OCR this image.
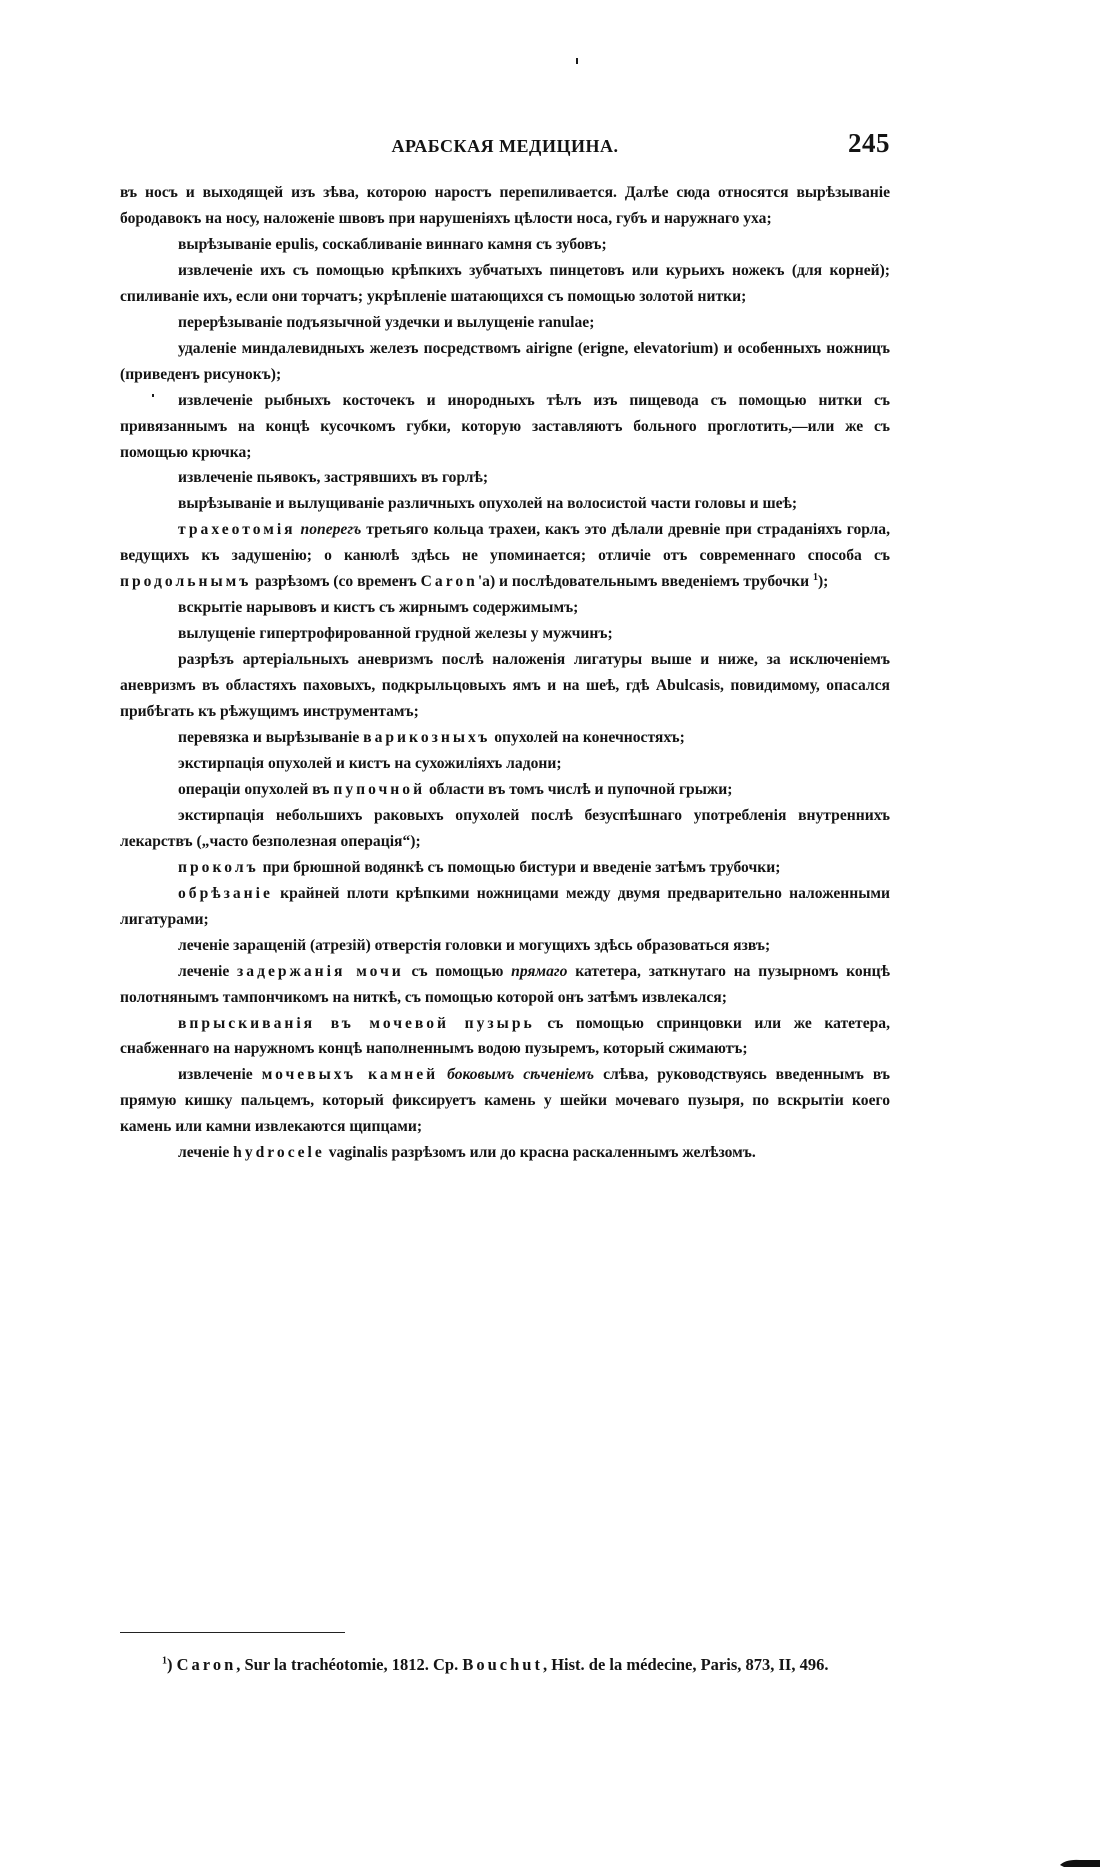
АРАБСКАЯ МЕДИЦИНА.	245

въ носъ и выходящей изъ зѣва, которою наростъ перепиливается. Далѣе сюда относятся вырѣзываніе бородавокъ на носу, наложеніе швовъ при нарушеніяхъ цѣлости носа, губъ и наружнаго уха;

вырѣзываніе epulis, соскабливаніе виннаго камня съ зубовъ;

извлеченіе ихъ съ помощью крѣпкихъ зубчатыхъ пинцетовъ или курьихъ ножекъ (для корней); спиливаніе ихъ, если они торчатъ; укрѣпленіе шатающихся съ помощью золотой нитки;

перерѣзываніе подъязычной уздечки и вылущеніе ranulae;

удаленіе миндалевидныхъ железъ посредствомъ airigne (erigne, elevatorium) и особенныхъ ножницъ (приведенъ рисунокъ);

извлеченіе рыбныхъ косточекъ и инородныхъ тѣлъ изъ пищевода съ помощью нитки съ привязаннымъ на концѣ кусочкомъ губки, которую заставляютъ больного проглотить,—или же съ помощью крючка;

извлеченіе пьявокъ, застрявшихъ въ горлѣ;

вырѣзываніе и вылущиваніе различныхъ опухолей на волосистой части головы и шеѣ;

трахеотомія поперегъ третьяго кольца трахеи, какъ это дѣлали древніе при страданіяхъ горла, ведущихъ къ задушенію; о канюлѣ здѣсь не упоминается; отличіе отъ современнаго способа съ продольнымъ разрѣзомъ (со временъ Caron'а) и послѣдовательнымъ введеніемъ трубочки $^1$);

вскрытіе нарывовъ и кистъ съ жирнымъ содержимымъ;

вылущеніе гипертрофированной грудной железы у мужчинъ;

разрѣзъ артеріальныхъ аневризмъ послѣ наложенія лигатуры выше и ниже, за исключеніемъ аневризмъ въ областяхъ паховыхъ, подкрыльцовыхъ ямъ и на шеѣ, гдѣ Abulcasis, повидимому, опасался прибѣгать къ рѣжущимъ инструментамъ;

перевязка и вырѣзываніе варикозныхъ опухолей на конечностяхъ;

экстирпація опухолей и кистъ на сухожиліяхъ ладони;

операціи опухолей въ пупочной области въ томъ числѣ и пупочной грыжи;

экстирпація небольшихъ раковыхъ опухолей послѣ безуспѣшнаго употребленія внутреннихъ лекарствъ („часто безполезная операція“);

проколъ при брюшной водянкѣ съ помощью бистури и введеніе затѣмъ трубочки;

обрѣзаніе крайней плоти крѣпкими ножницами между двумя предварительно наложенными лигатурами;

леченіе заращеній (атрезій) отверстія головки и могущихъ здѣсь образоваться язвъ;

леченіе задержанія мочи съ помощью прямаго катетера, заткнутаго на пузырномъ концѣ полотнянымъ тампончикомъ на ниткѣ, съ помощью которой онъ затѣмъ извлекался;

впрыскиванія въ мочевой пузырь съ помощью спринцовки или же катетера, снабженнаго на наружномъ концѣ наполненнымъ водою пузыремъ, который сжимаютъ;

извлеченіе мочевыхъ камней боковымъ сѣченіемъ слѣва, руководствуясь введеннымъ въ прямую кишку пальцемъ, который фиксируетъ камень у шейки мочеваго пузыря, по вскрытіи коего камень или камни извлекаются щипцами;

леченіе hydrocele vaginalis разрѣзомъ или до красна раскаленнымъ желѣзомъ.

$^1$) Caron, Sur la trachéotomie, 1812. Ср. Bouchut, Hist. de la médecine, Paris, 873, II, 496.
